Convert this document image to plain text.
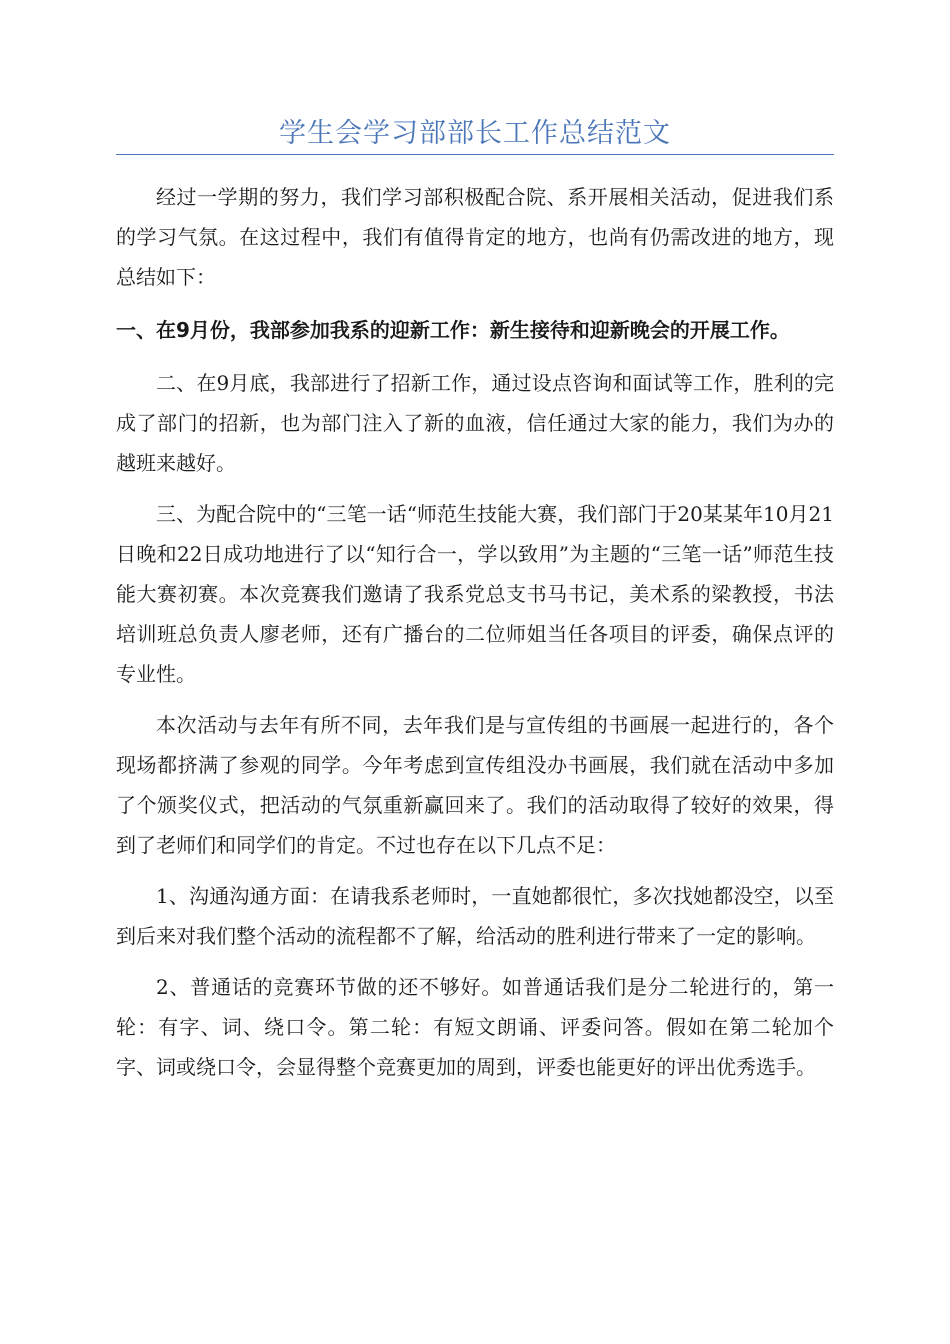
学生会学习部部长工作总结范文

经过一学期的努力，我们学习部积极配合院、系开展相关活动，促进我们系的学习气氛。在这过程中，我们有值得肯定的地方，也尚有仍需改进的地方，现总结如下：

一、在9月份，我部参加我系的迎新工作：新生接待和迎新晚会的开展工作。

二、在9月底，我部进行了招新工作，通过设点咨询和面试等工作，胜利的完成了部门的招新，也为部门注入了新的血液，信任通过大家的能力，我们为办的越班来越好。

三、为配合院中的“三笔一话“师范生技能大赛，我们部门于20某某年10月21日晚和22日成功地进行了以“知行合一，学以致用”为主题的“三笔一话”师范生技能大赛初赛。本次竞赛我们邀请了我系党总支书马书记，美术系的梁教授，书法培训班总负责人廖老师，还有广播台的二位师姐当任各项目的评委，确保点评的专业性。

本次活动与去年有所不同，去年我们是与宣传组的书画展一起进行的，各个现场都挤满了参观的同学。今年考虑到宣传组没办书画展，我们就在活动中多加了个颁奖仪式，把活动的气氛重新赢回来了。我们的活动取得了较好的效果，得到了老师们和同学们的肯定。不过也存在以下几点不足：

1、沟通沟通方面：在请我系老师时，一直她都很忙，多次找她都没空，以至到后来对我们整个活动的流程都不了解，给活动的胜利进行带来了一定的影响。

2、普通话的竞赛环节做的还不够好。如普通话我们是分二轮进行的，第一轮：有字、词、绕口令。第二轮：有短文朗诵、评委问答。假如在第二轮加个字、词或绕口令，会显得整个竞赛更加的周到，评委也能更好的评出优秀选手。
